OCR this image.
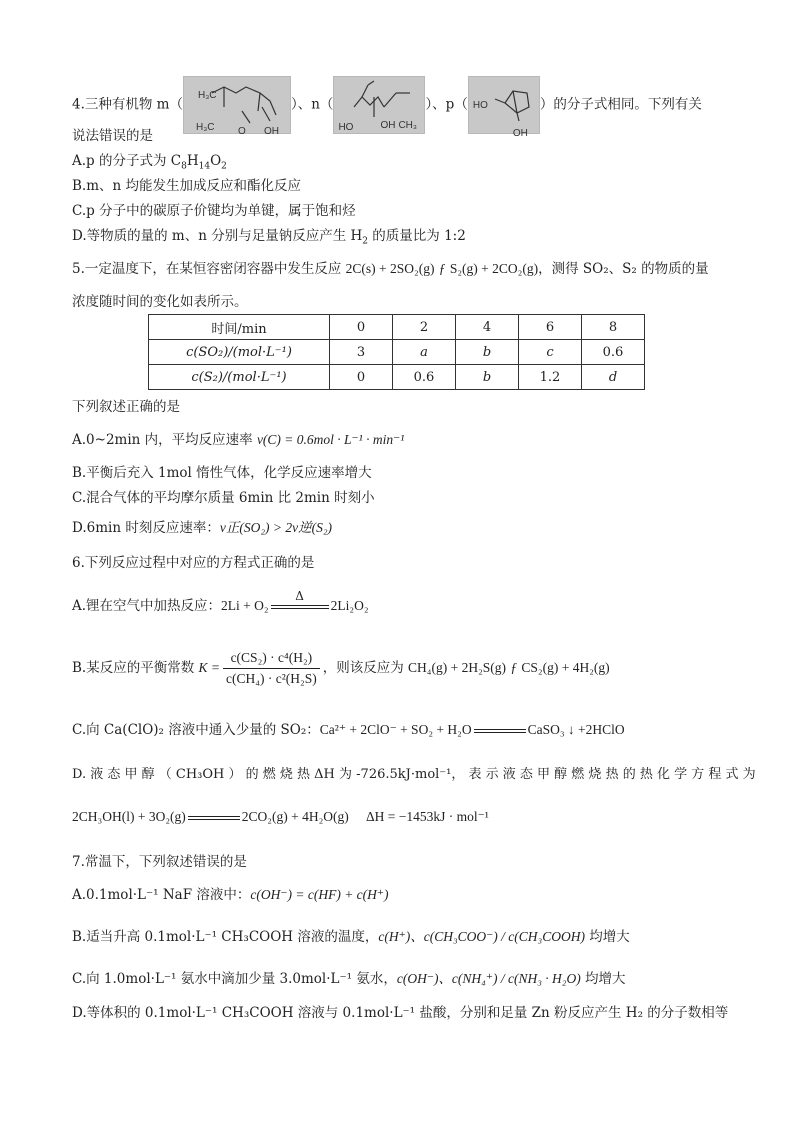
4.三种有机物 m（
H₃C
H₃C O OH
）、n（
HO	OH CH₃
）、p（ HO
OH
）的分子式相同。下列有关
说法错误的是
A.p 的分子式为 $C_8H_{14}O_2$
B.m、n 均能发生加成反应和酯化反应
C.p 分子中的碳原子价键均为单键，属于饱和烃
D.等物质的量的 m、n 分别与足量钠反应产生 $H_2$ 的质量比为 1:2
5.一定温度下，在某恒容密闭容器中发生反应 2C(s) + 2SO₂(g) ƒ S₂(g) + 2CO₂(g)，测得 SO₂、S₂ 的物质的量
浓度随时间的变化如表所示。
时间/min	0	2	4	6	8
c(SO₂)/(mol·L⁻¹)	3	a	b	c	0.6
c(S₂)/(mol·L⁻¹)	0	0.6	b	1.2	d
下列叙述正确的是
A.0~2min 内，平均反应速率 v(C) = 0.6mol · L⁻¹ · min⁻¹
B.平衡后充入 1mol 惰性气体，化学反应速率增大
C.混合气体的平均摩尔质量 6min 比 2min 时刻小
D.6min 时刻反应速率：v正(SO₂) > 2v逆(S₂)
6.下列反应过程中对应的方程式正确的是
A.锂在空气中加热反应：2Li + O₂
Δ
2Li₂O₂
B.某反应的平衡常数 $K = \frac{\text{c(CS₂) · c⁴(H₂)}}{\text{c(CH₄) · c²(H₂S)}}$ ，则该反应为 CH₄(g) + 2H₂S(g) ƒ CS₂(g) + 4H₂(g)
C.向 Ca(ClO)₂ 溶液中通入少量的 SO₂：Ca²⁺ + 2ClO⁻ + SO₂ + H₂O	CaSO₃ ↓ +2HClO
D. 液 态 甲 醇 （ CH₃OH ） 的 燃 烧 热 ΔH 为 -726.5kJ·mol⁻¹， 表 示 液 态 甲 醇 燃 烧 热 的 热 化 学 方 程 式 为
2CH₃OH(l) + 3O₂(g)	2CO₂(g) + 4H₂O(g) ΔH = −1453kJ · mol⁻¹
7.常温下，下列叙述错误的是
A.0.1mol·L⁻¹ NaF 溶液中：c(OH⁻) = c(HF) + c(H⁺)
B.适当升高 0.1mol·L⁻¹ CH₃COOH 溶液的温度，c(H⁺)、c(CH₃COO⁻) / c(CH₃COOH) 均增大
C.向 1.0mol·L⁻¹ 氨水中滴加少量 3.0mol·L⁻¹ 氨水，c(OH⁻)、c(NH₄⁺) / c(NH₃ · H₂O) 均增大
D.等体积的 0.1mol·L⁻¹ CH₃COOH 溶液与 0.1mol·L⁻¹ 盐酸，分别和足量 Zn 粉反应产生 H₂ 的分子数相等
